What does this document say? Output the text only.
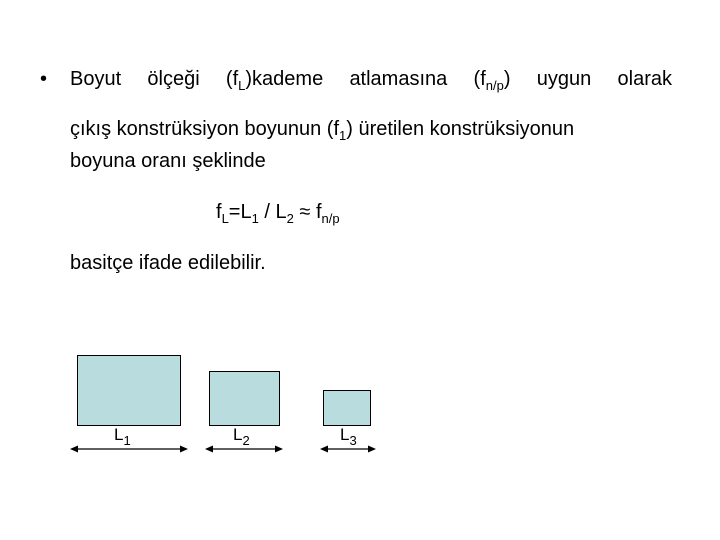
• Boyut ölçeği $(f_L)kademe$ atlamasına $(f_{n/p})$ uygun olarak
çıkış konstrüksiyon boyunun $(f_1)$ üretilen konstrüksiyonun
boyuna oranı şeklinde
$f_L=L_1 / L_2 \approx f_{n/p}$
basitçe ifade edilebilir.
$L_1$	$L_2$	$L_3$
